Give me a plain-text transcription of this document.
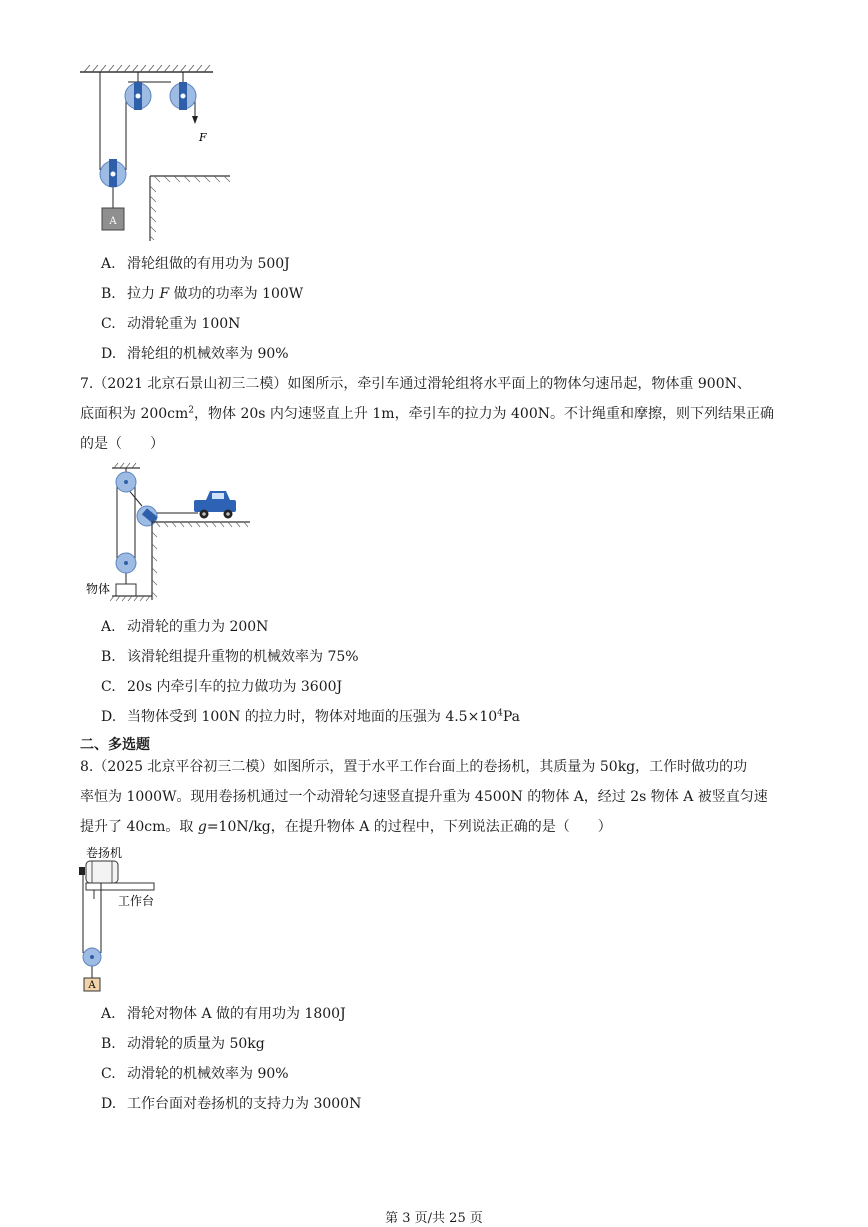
F
A
A. 滑轮组做的有用功为 500J
B. 拉力 F 做功的功率为 100W
C. 动滑轮重为 100N
D. 滑轮组的机械效率为 90%
7.（2021 北京石景山初三二模）如图所示，牵引车通过滑轮组将水平面上的物体匀速吊起，物体重 900N、
底面积为 $200cm^2$，物体 20s 内匀速竖直上升 1m，牵引车的拉力为 400N。不计绳重和摩擦，则下列结果正确
的是（　　）
物体
A. 动滑轮的重力为 200N
B. 该滑轮组提升重物的机械效率为 75%
C. 20s 内牵引车的拉力做功为 3600J
D. 当物体受到 100N 的拉力时，物体对地面的压强为 $4.5\times 10^4Pa$
二、多选题
8.（2025 北京平谷初三二模）如图所示，置于水平工作台面上的卷扬机，其质量为 50kg，工作时做功的功
率恒为 1000W。现用卷扬机通过一个动滑轮匀速竖直提升重为 4500N 的物体 A，经过 2s 物体 A 被竖直匀速
提升了 40cm。取 g=10N/kg，在提升物体 A 的过程中，下列说法正确的是（　　）
卷扬机
工作台
A
A. 滑轮对物体 A 做的有用功为 1800J
B. 动滑轮的质量为 50kg
C. 动滑轮的机械效率为 90%
D. 工作台面对卷扬机的支持力为 3000N
第 3 页/共 25 页
